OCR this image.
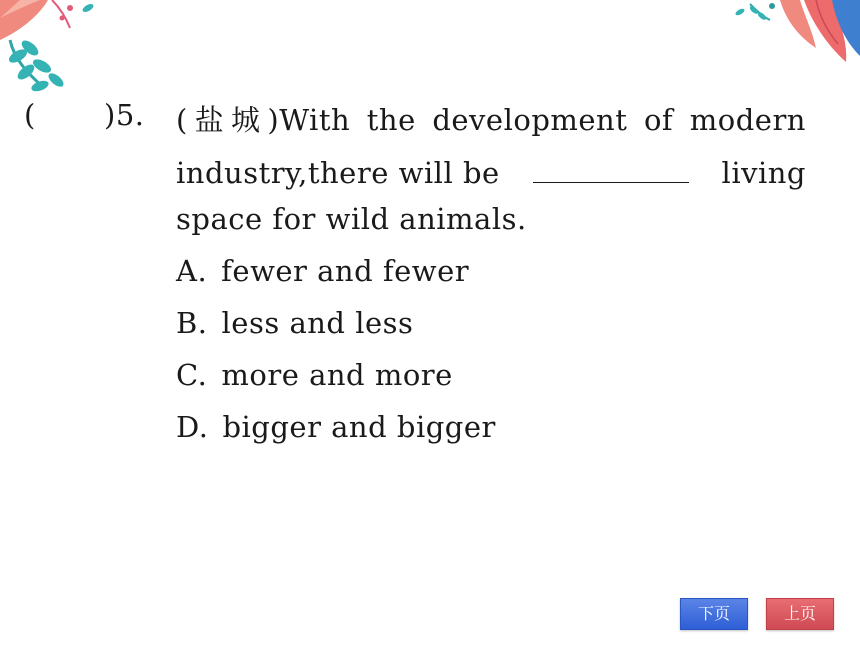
( )5. (盐城)With the development of modern
industry,there will be	living
space for wild animals.
A. fewer and fewer
B. less and less
C. more and more
D. bigger and bigger
下页	上页
